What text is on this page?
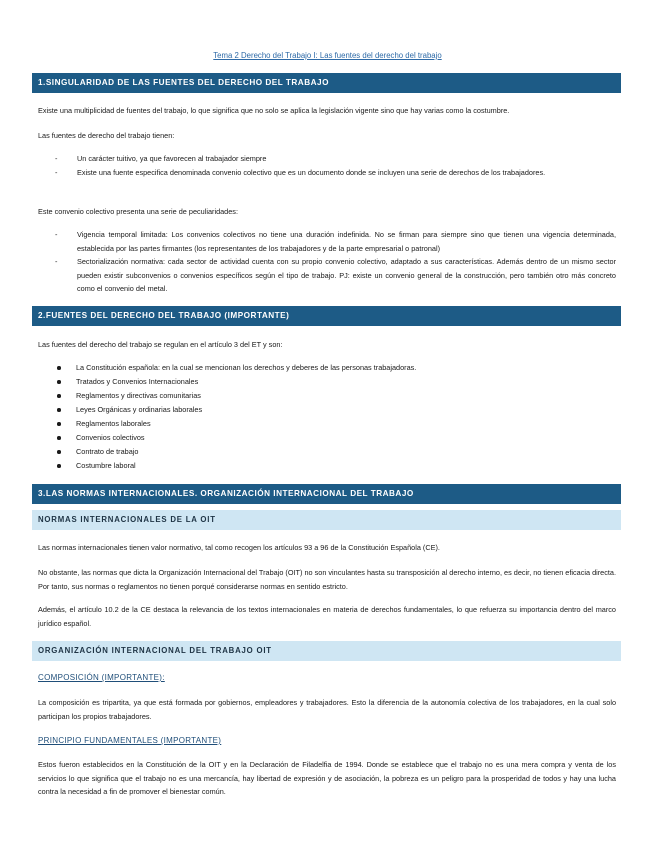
Tema 2 Derecho del Trabajo I: Las fuentes del derecho del trabajo
1.SINGULARIDAD DE LAS FUENTES DEL DERECHO DEL TRABAJO

Existe una multiplicidad de fuentes del trabajo, lo que significa que no solo se aplica la legislación vigente sino que hay varias como la costumbre.

Las fuentes de derecho del trabajo tienen:

-	Un carácter tuitivo, ya que favorecen al trabajador siempre
-	Existe una fuente especifica denominada convenio colectivo que es un documento donde se incluyen una serie de derechos de los trabajadores.

Este convenio colectivo presenta una serie de peculiaridades:

-	Vigencia temporal limitada: Los convenios colectivos no tiene una duración indefinida. No se firman para siempre sino que tienen una vigencia determinada, establecida por las partes firmantes (los representantes de los trabajadores y de la parte empresarial o patronal)
-	Sectorialización normativa: cada sector de actividad cuenta con su propio convenio colectivo, adaptado a sus características. Además dentro de un mismo sector pueden existir subconvenios o convenios específicos según el tipo de trabajo. PJ: existe un convenio general de la construcción, pero también otro más concreto como el convenio del metal.
2.FUENTES DEL DERECHO DEL TRABAJO (IMPORTANTE)

Las fuentes del derecho del trabajo se regulan en el artículo 3 del ET y son:

La Constitución española: en la cual se mencionan los derechos y deberes de las personas trabajadoras.
Tratados y Convenios Internacionales
Reglamentos y directivas comunitarias
Leyes Orgánicas y ordinarias laborales
Reglamentos laborales
Convenios colectivos
Contrato de trabajo
Costumbre laboral
3.LAS NORMAS INTERNACIONALES. ORGANIZACIÓN INTERNACIONAL DEL TRABAJO
NORMAS INTERNACIONALES DE LA OIT

Las normas internacionales tienen valor normativo, tal como recogen los artículos 93 a 96 de la Constitución Española (CE).

No obstante, las normas que dicta la Organización Internacional del Trabajo (OIT) no son vinculantes hasta su transposición al derecho interno, es decir, no tienen eficacia directa. Por tanto, sus normas o reglamentos no tienen porqué considerarse normas en sentido estricto.

Además, el artículo 10.2 de la CE destaca la relevancia de los textos internacionales en materia de derechos fundamentales, lo que refuerza su importancia dentro del marco jurídico español.

ORGANIZACIÓN INTERNACIONAL DEL TRABAJO OIT
COMPOSICIÓN (IMPORTANTE):

La composición es tripartita, ya que está formada por gobiernos, empleadores y trabajadores. Esto la diferencia de la autonomía colectiva de los trabajadores, en la cual solo participan los propios trabajadores.

PRINCIPIO FUNDAMENTALES (IMPORTANTE)

Estos fueron establecidos en la Constitución de la OIT y en la Declaración de Filadelfia de 1994. Donde se establece que el trabajo no es una mera compra y venta de los servicios lo que significa que el trabajo no es una mercancía, hay libertad de expresión y de asociación, la pobreza es un peligro para la prosperidad de todos y hay una lucha contra la necesidad a fin de promover el bienestar común.
